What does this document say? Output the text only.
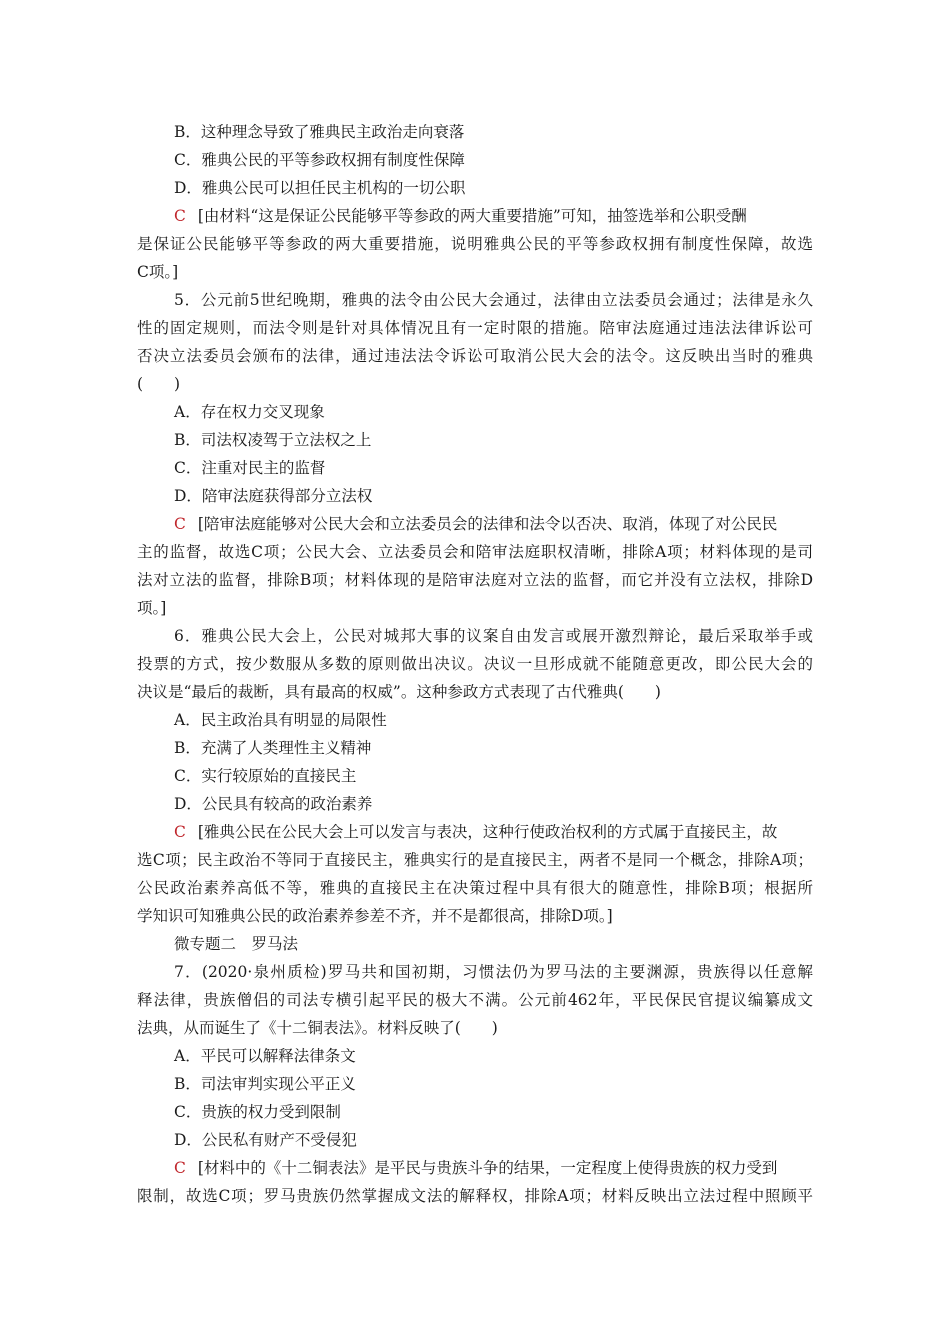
B．这种理念导致了雅典民主政治走向衰落
C．雅典公民的平等参政权拥有制度性保障
D．雅典公民可以担任民主机构的一切公职
C [由材料“这是保证公民能够平等参政的两大重要措施”可知，抽签选举和公职受酬
是保证公民能够平等参政的两大重要措施，说明雅典公民的平等参政权拥有制度性保障，故选
C项。]
5．公元前5世纪晚期，雅典的法令由公民大会通过，法律由立法委员会通过；法律是永久
性的固定规则，而法令则是针对具体情况且有一定时限的措施。陪审法庭通过违法法律诉讼可
否决立法委员会颁布的法律，通过违法法令诉讼可取消公民大会的法令。这反映出当时的雅典
(　　)
A．存在权力交叉现象
B．司法权凌驾于立法权之上
C．注重对民主的监督
D．陪审法庭获得部分立法权
C [陪审法庭能够对公民大会和立法委员会的法律和法令以否决、取消，体现了对公民民
主的监督，故选C项；公民大会、立法委员会和陪审法庭职权清晰，排除A项；材料体现的是司
法对立法的监督，排除B项；材料体现的是陪审法庭对立法的监督，而它并没有立法权，排除D
项。]
6．雅典公民大会上，公民对城邦大事的议案自由发言或展开激烈辩论，最后采取举手或
投票的方式，按少数服从多数的原则做出决议。决议一旦形成就不能随意更改，即公民大会的
决议是“最后的裁断，具有最高的权威”。这种参政方式表现了古代雅典(　　)
A．民主政治具有明显的局限性
B．充满了人类理性主义精神
C．实行较原始的直接民主
D．公民具有较高的政治素养
C [雅典公民在公民大会上可以发言与表决，这种行使政治权利的方式属于直接民主，故
选C项；民主政治不等同于直接民主，雅典实行的是直接民主，两者不是同一个概念，排除A项；
公民政治素养高低不等，雅典的直接民主在决策过程中具有很大的随意性，排除B项；根据所
学知识可知雅典公民的政治素养参差不齐，并不是都很高，排除D项。]
微专题二　罗马法
7．(2020·泉州质检)罗马共和国初期，习惯法仍为罗马法的主要渊源，贵族得以任意解
释法律，贵族僧侣的司法专横引起平民的极大不满。公元前462年，平民保民官提议编纂成文
法典，从而诞生了《十二铜表法》。材料反映了(　　)
A．平民可以解释法律条文
B．司法审判实现公平正义
C．贵族的权力受到限制
D．公民私有财产不受侵犯
C [材料中的《十二铜表法》是平民与贵族斗争的结果，一定程度上使得贵族的权力受到
限制，故选C项；罗马贵族仍然掌握成文法的解释权，排除A项；材料反映出立法过程中照顾平
